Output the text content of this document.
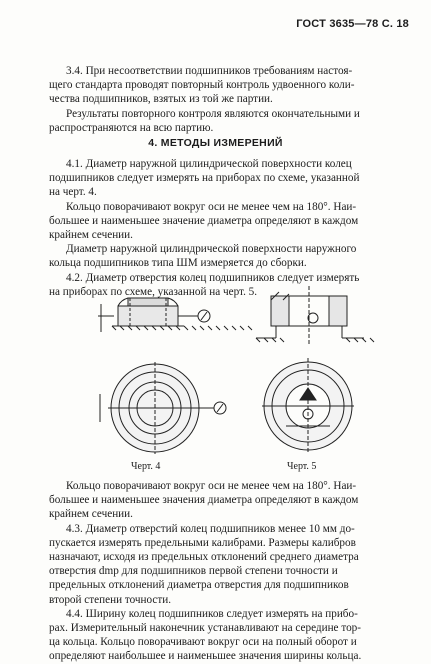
ГОСТ 3635—78 С. 18

3.4. При несоответствии подшипников требованиям настоя-

щего стандарта проводят повторный контроль удвоенного коли-

чества подшипников, взятых из той же партии.

Результаты повторного контроля являются окончательными и

распространяются на всю партию.

4. МЕТОДЫ ИЗМЕРЕНИЙ

4.1. Диаметр наружной цилиндрической поверхности колец

подшипников следует измерять на приборах по схеме, указанной

на черт. 4.

Кольцо поворачивают вокруг оси не менее чем на 180°. Наи-

большее и наименьшее значение диаметра определяют в каждом

крайнем сечении.

Диаметр наружной цилиндрической поверхности наружного

кольца подшипников типа ШМ измеряется до сборки.

4.2. Диаметр отверстия колец подшипников следует измерять

на приборах по схеме, указанной на черт. 5.

Черт. 4	Черт. 5

Кольцо поворачивают вокруг оси не менее чем на 180°. Наи-

большее и наименьшее значения диаметра определяют в каждом

крайнем сечении.

4.3. Диаметр отверстий колец подшипников менее 10 мм до-

пускается измерять предельными калибрами. Размеры калибров

назначают, исходя из предельных отклонений среднего диаметра

отверстия dmp для подшипников первой степени точности и

предельных отклонений диаметра отверстия для подшипников

второй степени точности.

4.4. Ширину колец подшипников следует измерять на прибо-

рах. Измерительный наконечник устанавливают на середине тор-

ца кольца. Кольцо поворачивают вокруг оси на полный оборот и

определяют наибольшее и наименьшее значения ширины кольца.
